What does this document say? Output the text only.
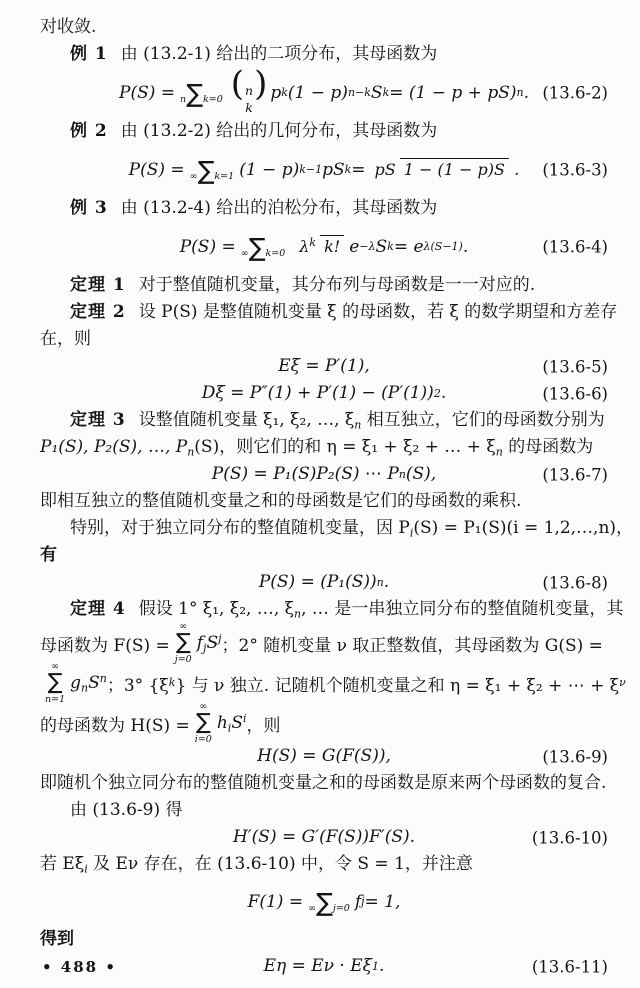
对收敛.
例 1 由 (13.2-1) 给出的二项分布，其母函数为
P(S) = n∑k=0 ( n
k
) p k (1 − p) n−k S k = (1 − p + pS) n . (13.6-2)
例 2 由 (13.2-2) 给出的几何分布，其母函数为
P(S) = ∞∑k=1 (1 − p) k−1 pS k = pS 1 − (1 − p)S . (13.6-3)
例 3 由 (13.2-4) 给出的泊松分布，其母函数为
P(S) = ∞∑k=0 $\lambda^k$ k! e −λ S k = e λ(S−1) .	(13.6-4)
定理 1 对于整值随机变量，其分布列与母函数是一一对应的.
定理 2 设 P(S) 是整值随机变量 ξ 的母函数，若 ξ 的数学期望和方差存
在，则
Eξ = P′(1),	(13.6-5)
Dξ = P″(1) + P′(1) − (P′(1)) 2 .	(13.6-6)
定理 3 设整值随机变量 ξ₁, ξ₂, …, ξn 相互独立，它们的母函数分别为
P₁(S), P₂(S), …, Pn(S)，则它们的和 η = ξ₁ + ξ₂ + … + ξn 的母函数为
P(S) = P₁(S)P₂(S) ⋯ P n (S),	(13.6-7)
即相互独立的整值随机变量之和的母函数是它们的母函数的乘积.
特别，对于独立同分布的整值随机变量，因 Pi(S) = P₁(S)(i = 1,2,…,n)，
有
P(S) = (P₁(S)) n .	(13.6-8)
定理 4 假设 1° ξ₁, ξ₂, …, ξn, … 是一串独立同分布的整值随机变量，其
母函数为 F(S) =
∞
∑
j=0
fjS$^j$ ；2° 随机变量 ν 取正整数值，其母函数为 G(S) =
∞
∑
n=1
gnS$^n$ ；3° {ξ k } 与 ν 独立. 记随机个随机变量之和 η = ξ₁ + ξ₂ + ⋯ + ξ ν
的母函数为 H(S) =
∞
∑
i=0
hiS$^i$ ，则
H(S) = G(F(S)),	(13.6-9)
即随机个独立同分布的整值随机变量之和的母函数是原来两个母函数的复合.
由 (13.6-9) 得
H′(S) = G′(F(S))F′(S).	(13.6-10)
若 Eξi 及 Eν 存在，在 (13.6-10) 中，令 S = 1，并注意
F(1) = ∞∑j=0 f j = 1,
得到
Eη = Eν · Eξ 1 .	(13.6-11)
• 488 •
